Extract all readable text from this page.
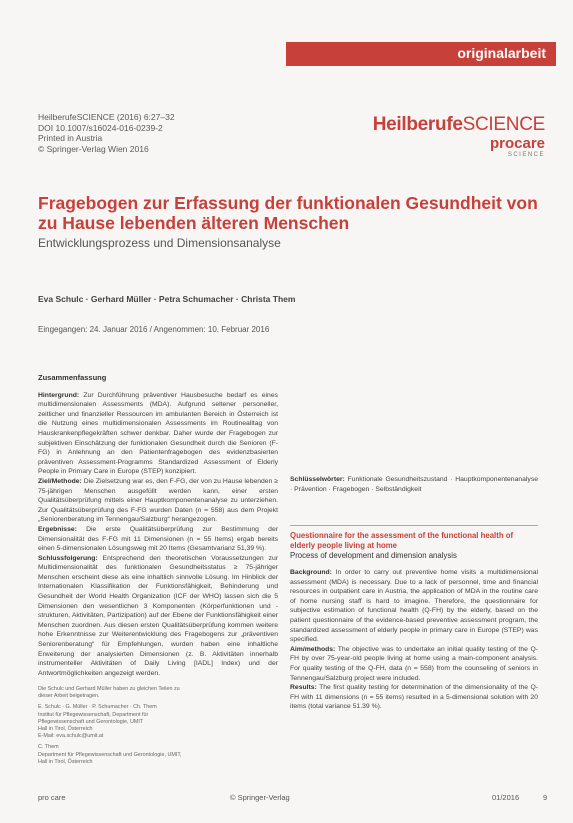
originalarbeit
HeilberufeSCIENCE (2016) 6:27–32
DOI 10.1007/s16024-016-0239-2
Printed in Austria
© Springer-Verlag Wien 2016
HeilberufeSCIENCE
procare
SCIENCE
Fragebogen zur Erfassung der funktionalen Gesundheit von zu Hause lebenden älteren Menschen
Entwicklungsprozess und Dimensionsanalyse
Eva Schulc · Gerhard Müller · Petra Schumacher · Christa Them
Eingegangen: 24. Januar 2016 / Angenommen: 10. Februar 2016
Zusammenfassung
Hintergrund: Zur Durchführung präventiver Hausbesuche bedarf es eines multidimensionalen Assessments (MDA). Aufgrund seltener personeller, zeitlicher und finanzieller Ressourcen im ambulanten Bereich in Österreich ist die Nutzung eines multidimensionalen Assessments im Routinealltag von Hauskrankenpflegekräften schwer denkbar. Daher wurde der Fragebogen zur subjektiven Einschätzung der funktionalen Gesundheit durch die Senioren (F-FG) in Anlehnung an den Patientenfragebogen des evidenzbasierten präventiven Assessment-Programms Standardized Assessment of Elderly People in Primary Care in Europe (STEP) konzipiert.
Ziel/Methode: Die Zielsetzung war es, den F-FG, der von zu Hause lebenden ≥ 75-jährigen Menschen ausgefüllt werden kann, einer ersten Qualitätsüberprüfung mittels einer Hauptkomponentenanalyse zu unterziehen. Zur Qualitätsüberprüfung des F-FG wurden Daten (n = 558) aus dem Projekt „Seniorenberatung im Tennengau/Salzburg“ herangezogen.
Ergebnisse: Die erste Qualitätsüberprüfung zur Bestimmung der Dimensionalität des F-FG mit 11 Dimensionen (n = 55 Items) ergab bereits einen 5-dimensionalen Lösungsweg mit 20 Items (Gesamtvarianz 51,39 %).
Schlussfolgerung: Entsprechend den theoretischen Voraussetzungen zur Multidimensionalität des funktionalen Gesundheitsstatus ≥ 75-jähriger Menschen erscheint diese als eine inhaltlich sinnvolle Lösung. Im Hinblick der Internationalen Klassifikation der Funktionsfähigkeit, Behinderung und Gesundheit der World Health Organization (ICF der WHO) lassen sich die 5 Dimensionen den wesentlichen 3 Komponenten (Körperfunktionen und -strukturen, Aktivitäten, Partizipation) auf der Ebene der Funktionsfähigkeit einer Menschen zuordnen. Aus diesen ersten Qualitätsüberprüfung kommen weitere hohe Erkenntnisse zur Weiterentwicklung des Fragebogens zur „präventiven Seniorenberatung“ für Empfehlungen, wurden haben eine inhaltliche Erweiterung der analysierten Dimensionen (z. B. Aktivitäten innerhalb instrumenteller Aktivitäten of Daily Living [IADL] Index) und der Antwortmöglichkeiten angezeigt werden.
Schlüsselwörter: Funktionale Gesundheitszustand · Hauptkomponentenanalyse · Prävention · Fragebogen · Selbständigkeit
Questionnaire for the assessment of the functional health of elderly people living at home
Process of development and dimension analysis
Background: In order to carry out preventive home visits a multidimensional assessment (MDA) is necessary. Due to a lack of personnel, time and financial resources in outpatient care in Austria, the application of MDA in the routine care of home nursing staff is hard to imagine. Therefore, the questionnaire for subjective estimation of functional health (Q-FH) by the elderly, based on the patient questionnaire of the evidence-based preventive assessment program, the standardized assessment of elderly people in primary care in Europe (STEP) was specified.
Aim/methods: The objective was to undertake an initial quality testing of the Q-FH by over 75-year-old people living at home using a main-component analysis. For quality testing of the Q-FH, data (n = 558) from the counseling of seniors in Tennengau/Salzburg project were included.
Results: The first quality testing for determination of the dimensionality of the Q-FH with 11 dimensions (n = 55 items) resulted in a 5-dimensional solution with 20 items (total variance 51.39 %).
Die Schulc und Gerhard Müller haben zu gleichen Teilen zu
dieser Arbeit beigetragen.
E. Schulc · G. Müller · P. Schumacher · Ch. Them
Institut für Pflegewissenschaft, Department für
Pflegewissenschaft und Gerontologie, UMIT
Hall in Tirol, Österreich
E-Mail: eva.schulc@umit.at
C. Them
Department für Pflegewissenschaft und Gerontologie, UMIT,
Hall in Tirol, Österreich
pro care	© Springer-Verlag	01/2016	9
